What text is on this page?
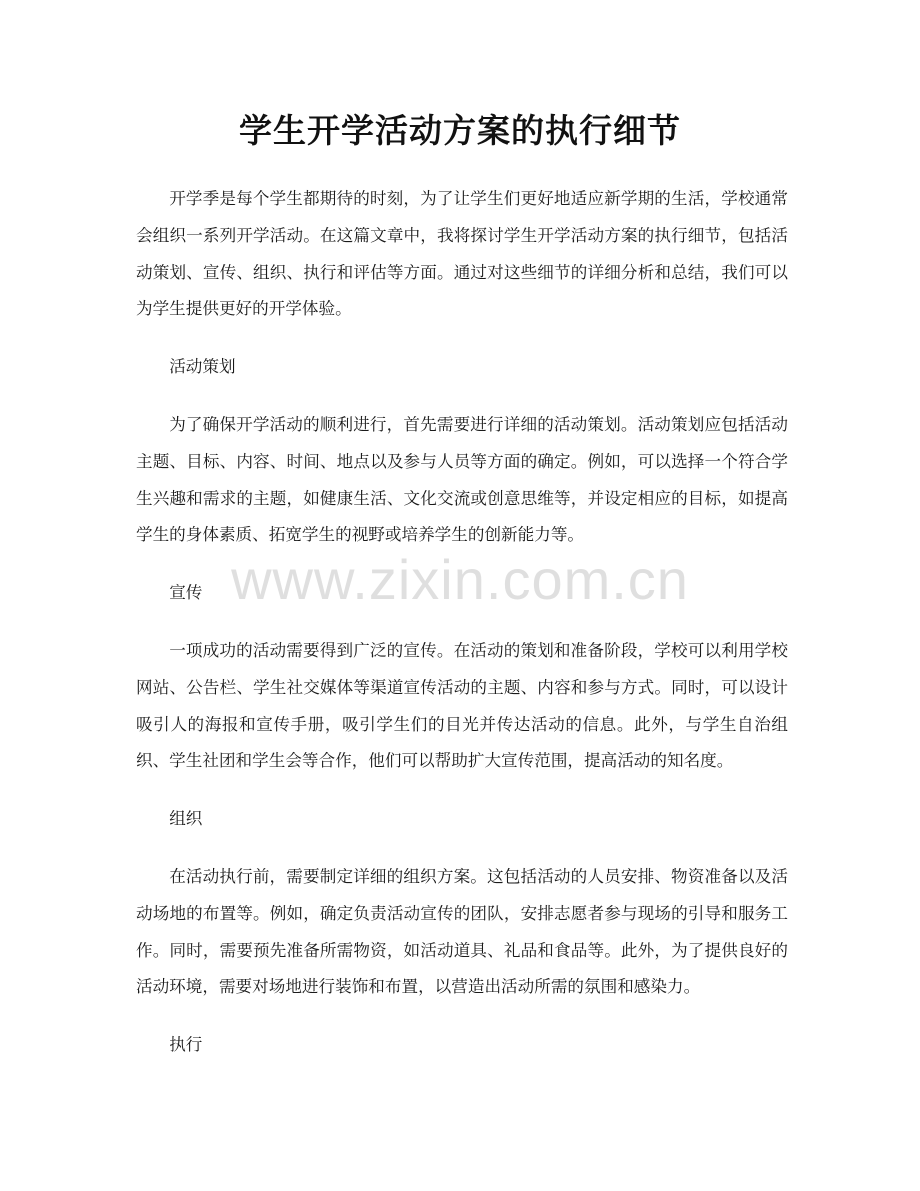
学生开学活动方案的执行细节
www.zixin.com.cn

开学季是每个学生都期待的时刻，为了让学生们更好地适应新学期的生活，学校通常会组织一系列开学活动。在这篇文章中，我将探讨学生开学活动方案的执行细节，包括活动策划、宣传、组织、执行和评估等方面。通过对这些细节的详细分析和总结，我们可以为学生提供更好的开学体验。

活动策划

为了确保开学活动的顺利进行，首先需要进行详细的活动策划。活动策划应包括活动主题、目标、内容、时间、地点以及参与人员等方面的确定。例如，可以选择一个符合学生兴趣和需求的主题，如健康生活、文化交流或创意思维等，并设定相应的目标，如提高学生的身体素质、拓宽学生的视野或培养学生的创新能力等。

宣传

一项成功的活动需要得到广泛的宣传。在活动的策划和准备阶段，学校可以利用学校网站、公告栏、学生社交媒体等渠道宣传活动的主题、内容和参与方式。同时，可以设计吸引人的海报和宣传手册，吸引学生们的目光并传达活动的信息。此外，与学生自治组织、学生社团和学生会等合作，他们可以帮助扩大宣传范围，提高活动的知名度。

组织

在活动执行前，需要制定详细的组织方案。这包括活动的人员安排、物资准备以及活动场地的布置等。例如，确定负责活动宣传的团队，安排志愿者参与现场的引导和服务工作。同时，需要预先准备所需物资，如活动道具、礼品和食品等。此外，为了提供良好的活动环境，需要对场地进行装饰和布置，以营造出活动所需的氛围和感染力。

执行
